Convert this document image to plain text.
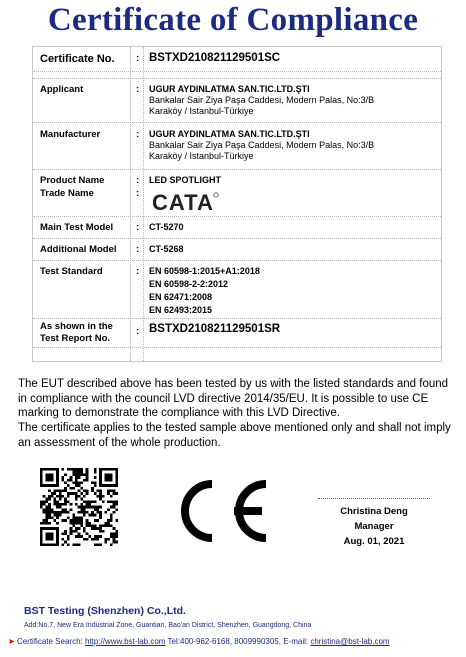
Certificate of Compliance
Certificate No. : BSTXD210821129501SC
Applicant	: UGUR AYDINLATMA SAN.TIC.LTD.ŞTI
Bankalar Sair Ziya Paşa Caddesi, Modern Palas, No:3/B
Karaköy / Istanbul-Türkiye
Manufacturer	: UGUR AYDINLATMA SAN.TIC.LTD.ŞTI
Bankalar Sair Ziya Paşa Caddesi, Modern Palas, No:3/B
Karaköy / Istanbul-Türkiye
Product Name	: LED SPOTLIGHT
Trade Name	: CATA
Main Test Model : CT-5270
Additional Model : CT-5268
Test Standard	: EN 60598-1:2015+A1:2018
EN 60598-2-2:2012
EN 62471:2008
EN 62493:2015
As shown in the
Test Report No.
: BSTXD210821129501SR
The EUT described above has been tested by us with the listed standards and found in compliance with the council LVD directive 2014/35/EU. It is possible to use CE marking to demonstrate the compliance with this LVD Directive.
The certificate applies to the tested sample above mentioned only and shall not imply an assessment of the whole production.
Christina Deng
Manager
Aug. 01, 2021
BST Testing (Shenzhen) Co.,Ltd.
Add:No.7, New Era Industrial Zone, Guantian, Bao'an District, Shenzhen, Guangdong, China
➤ Certificate Search: http://www.bst-lab.com Tel:400-962-6168, 8009990305, E-mail: christina@bst-lab.com
